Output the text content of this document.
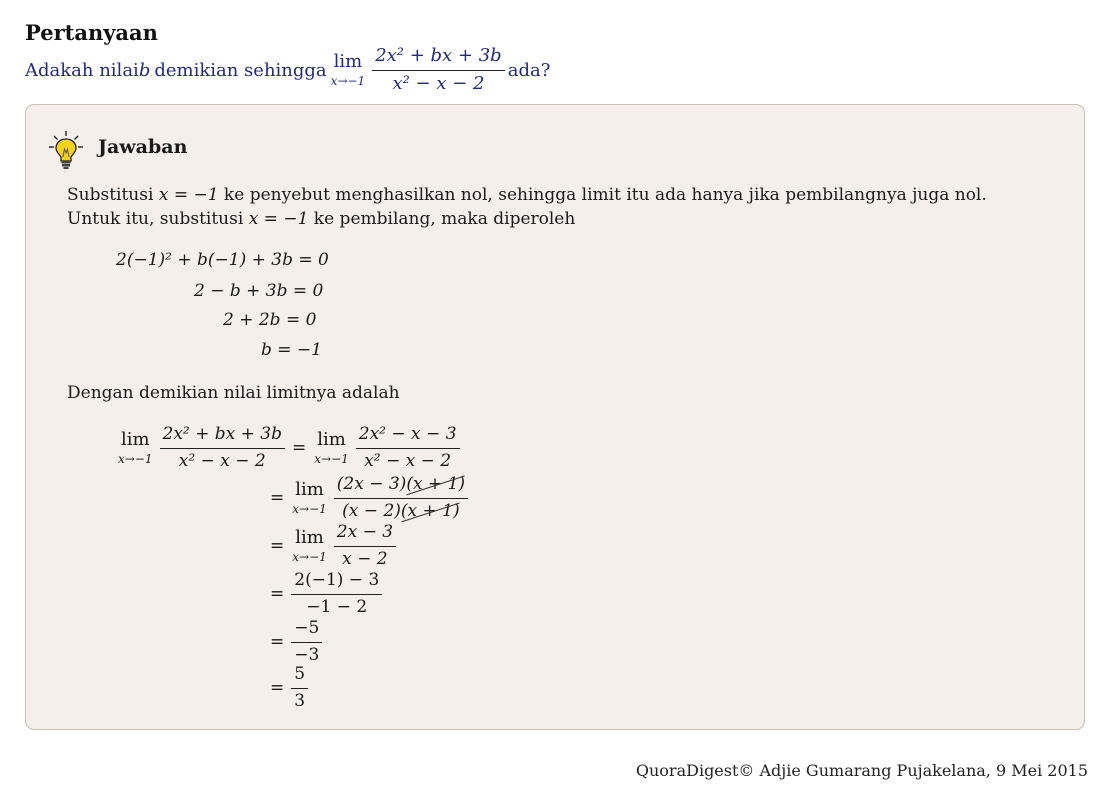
Pertanyaan
Adakah nilai b demikian sehingga lim
$x\to-1 \frac{\text{2x² + bx + 3b}}{\text{x² − x − 2}}$ ada?
Jawaban
Substitusi x = −1 ke penyebut menghasilkan nol, sehingga limit itu ada hanya jika pembilangnya juga nol.
Untuk itu, substitusi x = −1 ke pembilang, maka diperoleh
2(−1)² + b(−1) + 3b = 0
2 − b + 3b = 0
2 + 2b = 0
b = −1
Dengan demikian nilai limitnya adalah
lim
$x\to-1 \frac{\text{2x² + bx + 3b}}{\text{x² − x − 2}} = \lim$
$x\to-1 \frac{\text{2x² − x − 3}}{\text{x² − x − 2}}$
= lim
$x\to-1 \frac{(2x - 3)(x + 1)}{(x - 2)(x + 1)}$
= lim
$x\to-1 \frac{2x - 3}{x - 2}$
= $\frac{2(-1) - 3}{-1 - 2}$
= $\frac{-5}{-3}$
= $\frac{5}{3}$
QuoraDigest© Adjie Gumarang Pujakelana, 9 Mei 2015
